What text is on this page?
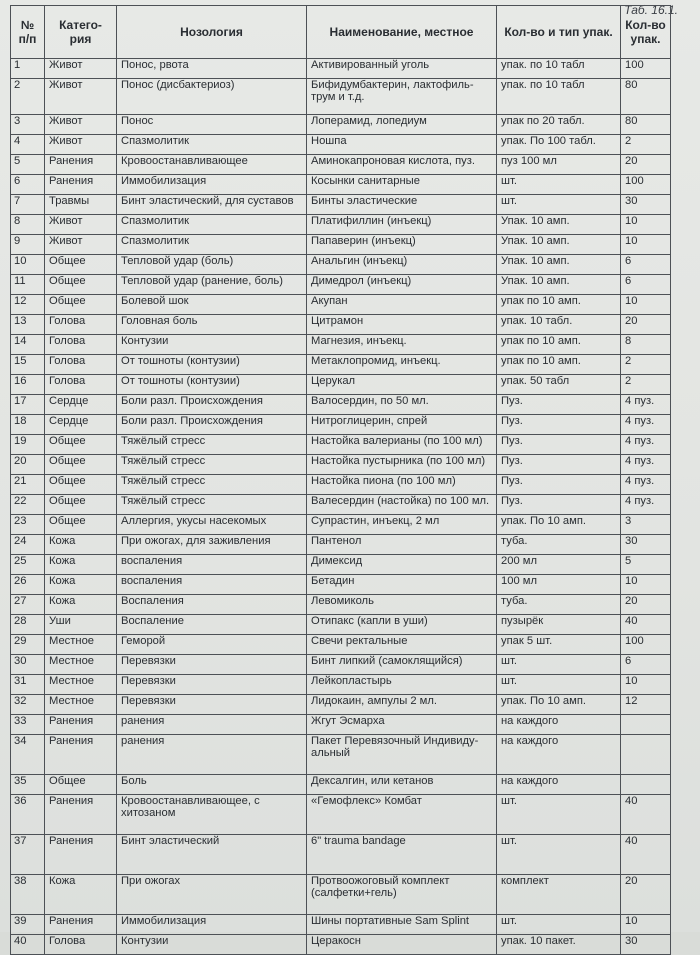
Таб. 16.1.
№ п/п	Катего-рия	Нозология	Наименование, местное	Кол-во и тип упак.	Кол-во упак.
1	Живот	Понос, рвота	Активированный уголь	упак. по 10 табл	100
2	Живот	Понос (дисбактериоз)	Бифидумбактерин, лактофиль-трум и т.д.	упак. по 10 табл	80
3	Живот	Понос	Лоперамид, лопедиум	упак по 20 табл.	80
4	Живот	Спазмолитик	Ношпа	упак. По 100 табл.	2
5	Ранения	Кровоостанавливающее	Аминокапроновая кислота, пуз.	пуз 100 мл	20
6	Ранения	Иммобилизация	Косынки санитарные	шт.	100
7	Травмы	Бинт эластический, для суставов	Бинты эластические	шт.	30
8	Живот	Спазмолитик	Платифиллин (инъекц)	Упак. 10 амп.	10
9	Живот	Спазмолитик	Папаверин (инъекц)	Упак. 10 амп.	10
10	Общее	Тепловой удар (боль)	Анальгин (инъекц)	Упак. 10 амп.	6
11	Общее	Тепловой удар (ранение, боль)	Димедрол (инъекц)	Упак. 10 амп.	6
12	Общее	Болевой шок	Акупан	упак по 10 амп.	10
13	Голова	Головная боль	Цитрамон	упак. 10 табл.	20
14	Голова	Контузии	Магнезия, инъекц.	упак по 10 амп.	8
15	Голова	От тошноты (контузии)	Метаклопромид, инъекц.	упак по 10 амп.	2
16	Голова	От тошноты (контузии)	Церукал	упак. 50 табл	2
17	Сердце	Боли разл. Происхождения	Валосердин, по 50 мл.	Пуз.	4 пуз.
18	Сердце	Боли разл. Происхождения	Нитроглицерин, спрей	Пуз.	4 пуз.
19	Общее	Тяжёлый стресс	Настойка валерианы (по 100 мл)	Пуз.	4 пуз.
20	Общее	Тяжёлый стресс	Настойка пустырника (по 100 мл)	Пуз.	4 пуз.
21	Общее	Тяжёлый стресс	Настойка пиона (по 100 мл)	Пуз.	4 пуз.
22	Общее	Тяжёлый стресс	Валесердин (настойка) по 100 мл.	Пуз.	4 пуз.
23	Общее	Аллергия, укусы насекомых	Супрастин, инъекц, 2 мл	упак. По 10 амп.	3
24	Кожа	При ожогах, для заживления	Пантенол	туба.	30
25	Кожа	воспаления	Димексид	200 мл	5
26	Кожа	воспаления	Бетадин	100 мл	10
27	Кожа	Воспаления	Левомиколь	туба.	20
28	Уши	Воспаление	Отипакс (капли в уши)	пузырёк	40
29	Местное	Геморой	Свечи ректальные	упак 5 шт.	100
30	Местное	Перевязки	Бинт липкий (самоклящийся)	шт.	6
31	Местное	Перевязки	Лейкопластырь	шт.	10
32	Местное	Перевязки	Лидокаин, ампулы 2 мл.	упак. По 10 амп.	12
33	Ранения	ранения	Жгут Эсмарха	на каждого	
34	Ранения	ранения	Пакет Перевязочный Индивиду-альный	на каждого	
35	Общее	Боль	Дексалгин, или кетанов	на каждого	
36	Ранения	Кровоостанавливающее, с хитозаном	«Гемофлекс» Комбат	шт.	40
37	Ранения	Бинт эластический	6" trauma bandage	шт.	40
38	Кожа	При ожогах	Протвоожоговый комплект (салфетки+гель)	комплект	20
39	Ранения	Иммобилизация	Шины портативные Sam Splint	шт.	10
40	Голова	Контузии	Церакосн	упак. 10 пакет.	30
